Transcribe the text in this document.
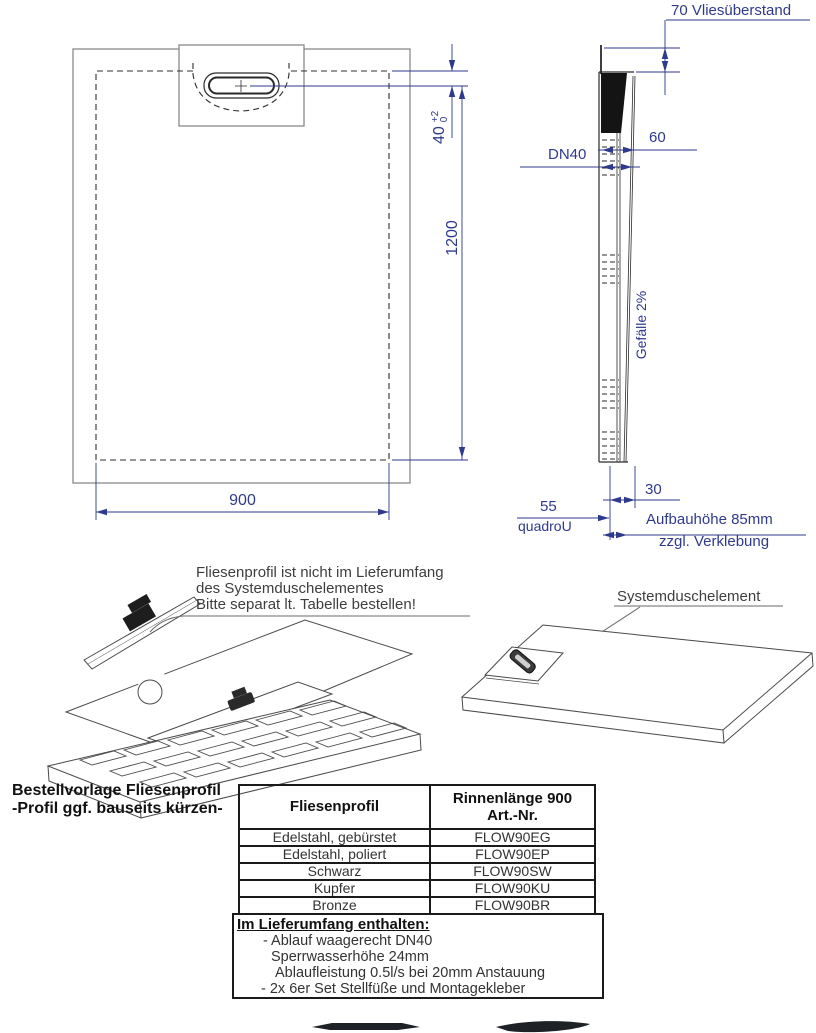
900
1200
40
+2
0
70 Vliesüberstand
60
DN40
Gefälle 2%
30
55
quadroU	Aufbauhöhe 85mm
zzgl. Verklebung
Fliesenprofil ist nicht im Lieferumfang
des Systemduschelementes
Bitte separat lt. Tabelle bestellen!	Systemduschelement
Bestellvorlage Fliesenprofil
-Profil ggf. bauseits kürzen-	Fliesenprofil	Rinnenlänge 900
Art.-Nr.

Edelstahl, gebürstet	FLOW90EG
Edelstahl, poliert	FLOW90EP
Schwarz	FLOW90SW
Kupfer	FLOW90KU
Bronze	FLOW90BR
Im Lieferumfang enthalten:
- Ablauf waagerecht DN40
Sperrwasserhöhe 24mm
Ablaufleistung 0.5l/s bei 20mm Anstauung
- 2x 6er Set Stellfüße und Montagekleber
